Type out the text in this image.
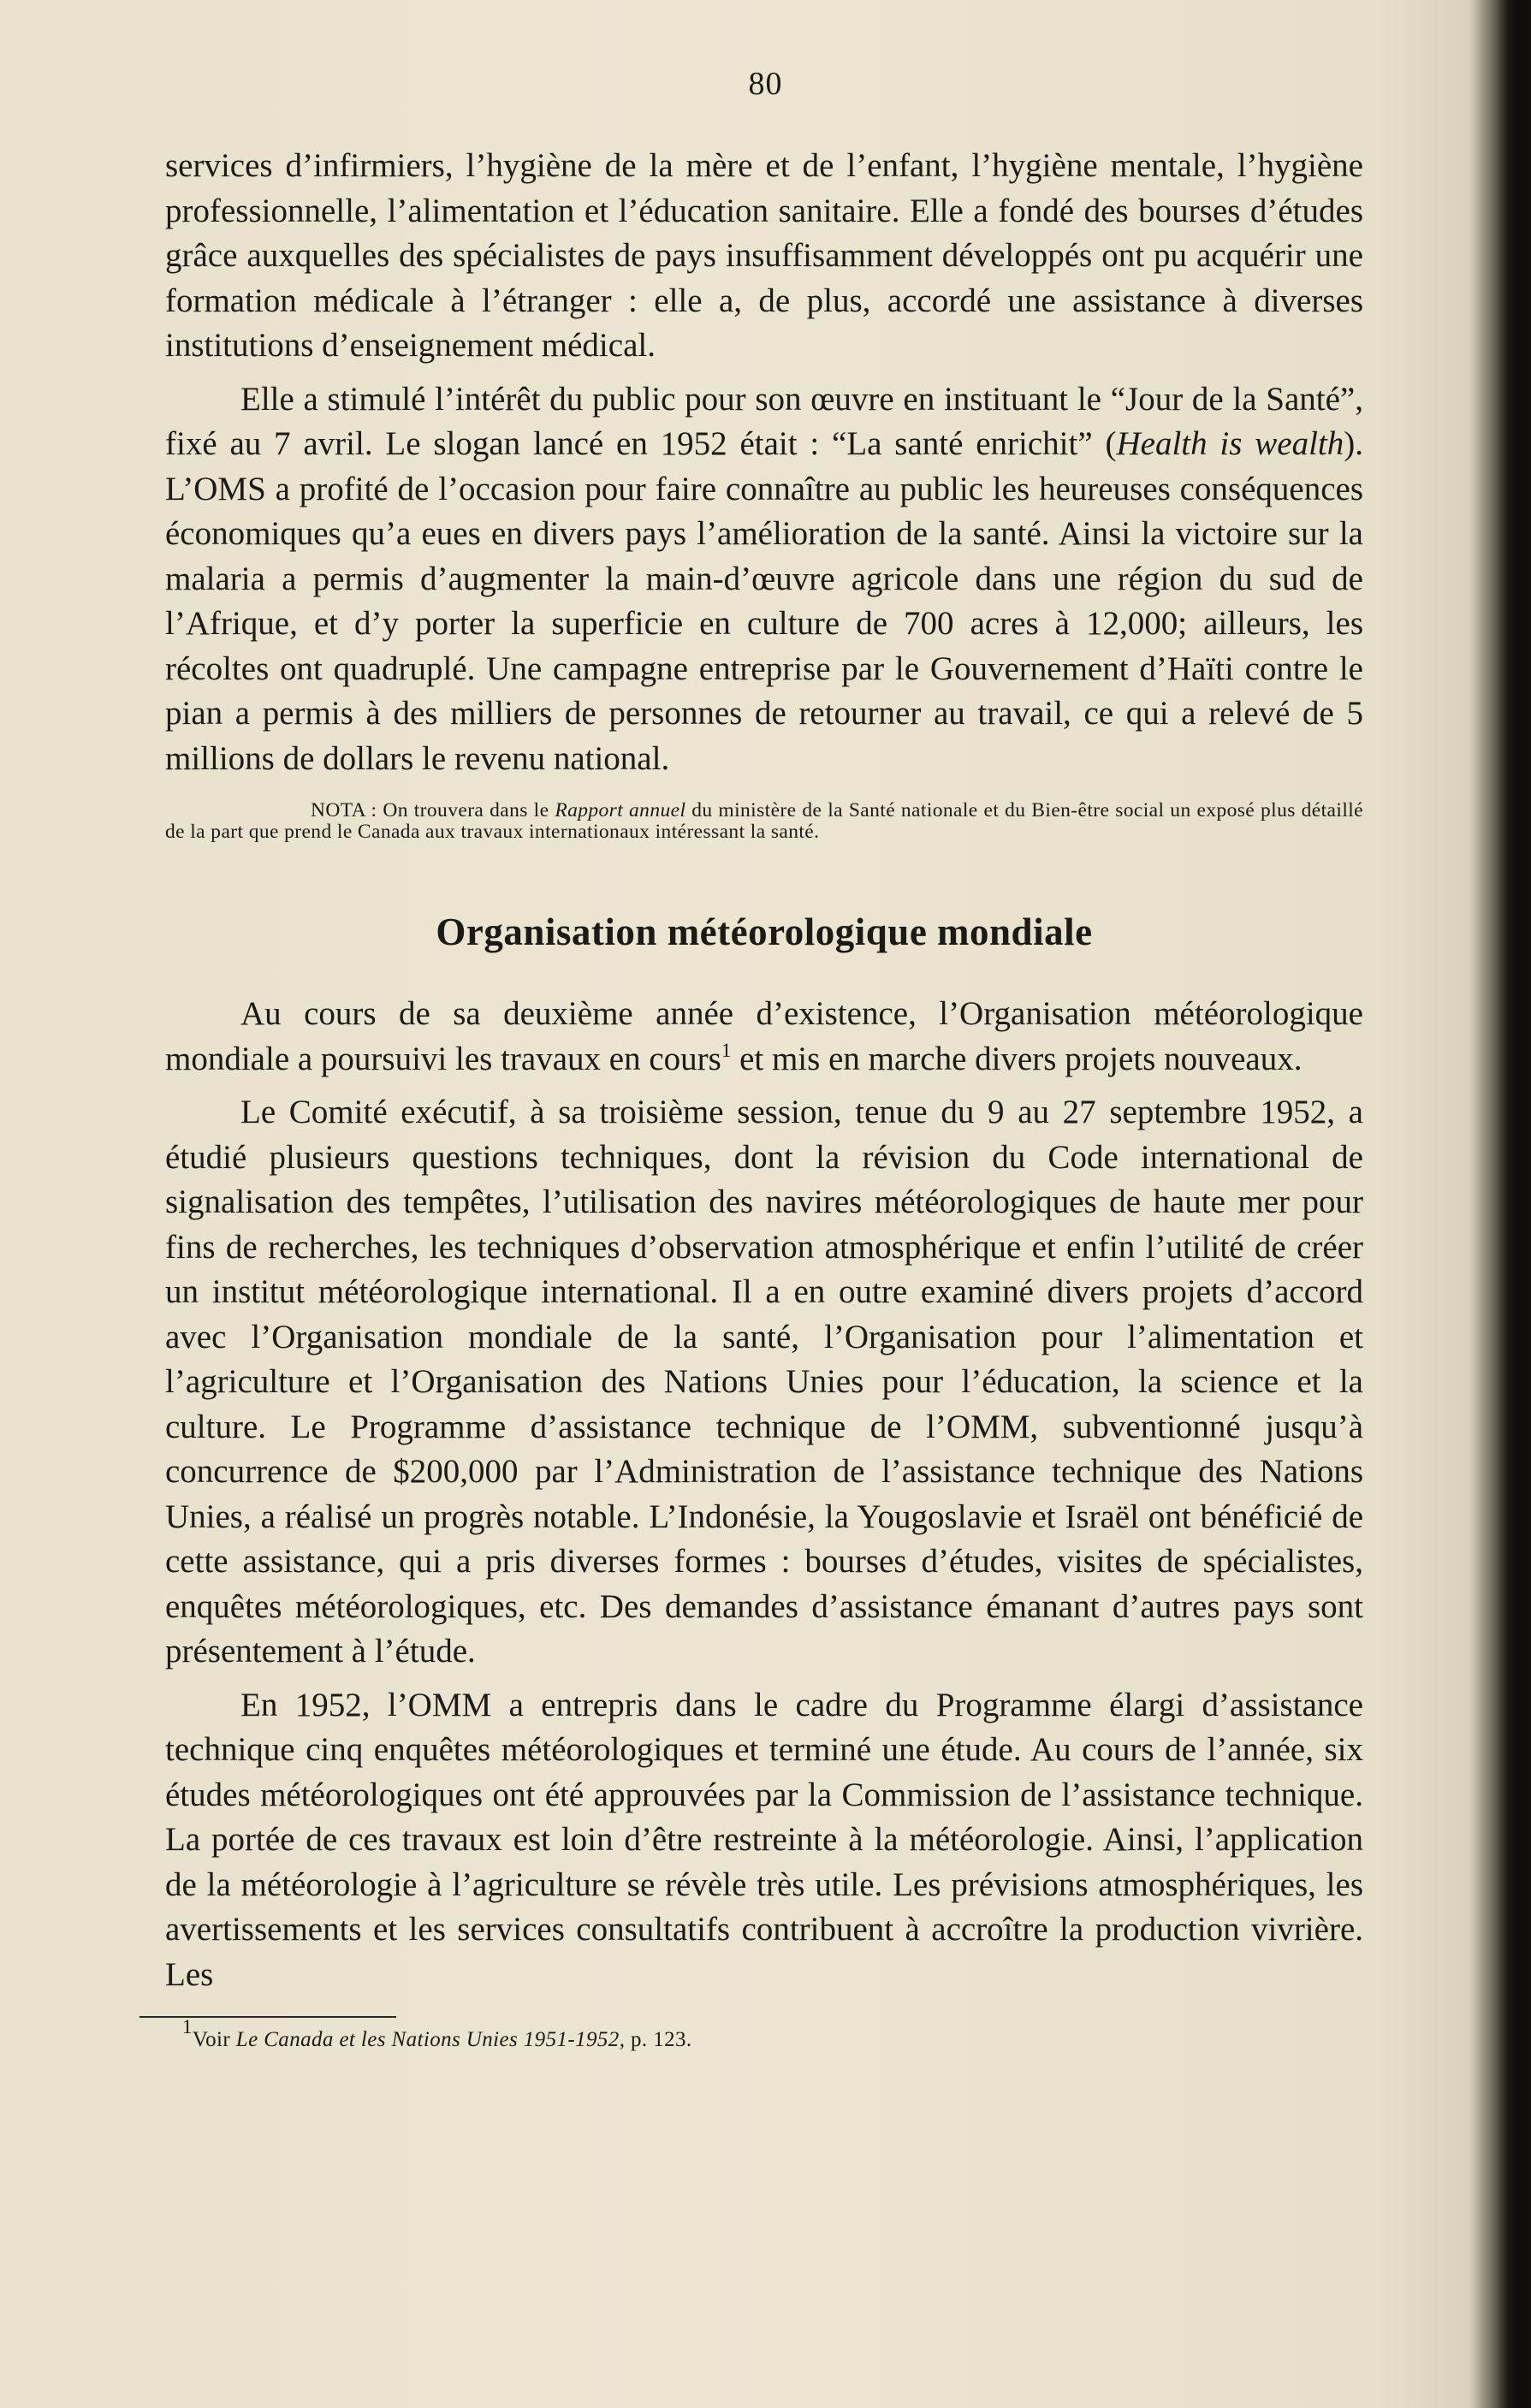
80

services d’infirmiers, l’hygiène de la mère et de l’enfant, l’hygiène mentale, l’hygiène professionnelle, l’alimentation et l’éducation sanitaire. Elle a fondé des bourses d’études grâce auxquelles des spécialistes de pays insuffisamment développés ont pu acquérir une formation médicale à l’étranger : elle a, de plus, accordé une assistance à diverses institutions d’enseignement médical.

Elle a stimulé l’intérêt du public pour son œuvre en instituant le “Jour de la Santé”, fixé au 7 avril. Le slogan lancé en 1952 était : “La santé enrichit” (Health is wealth). L’OMS a profité de l’occasion pour faire connaître au public les heureuses conséquences économiques qu’a eues en divers pays l’amélioration de la santé. Ainsi la victoire sur la malaria a permis d’augmenter la main-d’œuvre agricole dans une région du sud de l’Afrique, et d’y porter la superficie en culture de 700 acres à 12,000; ailleurs, les récoltes ont quadruplé. Une campagne entreprise par le Gouvernement d’Haïti contre le pian a permis à des milliers de personnes de retourner au travail, ce qui a relevé de 5 millions de dollars le revenu national.

NOTA : On trouvera dans le Rapport annuel du ministère de la Santé nationale et du Bien-être social un exposé plus détaillé de la part que prend le Canada aux travaux internationaux intéressant la santé.

Organisation météorologique mondiale

Au cours de sa deuxième année d’existence, l’Organisation météorologique mondiale a poursuivi les travaux en cours$^1$ et mis en marche divers projets nouveaux.

Le Comité exécutif, à sa troisième session, tenue du 9 au 27 septembre 1952, a étudié plusieurs questions techniques, dont la révision du Code international de signalisation des tempêtes, l’utilisation des navires météorologiques de haute mer pour fins de recherches, les techniques d’observation atmosphérique et enfin l’utilité de créer un institut météorologique international. Il a en outre examiné divers projets d’accord avec l’Organisation mondiale de la santé, l’Organisation pour l’alimentation et l’agriculture et l’Organisation des Nations Unies pour l’éducation, la science et la culture. Le Programme d’assistance technique de l’OMM, subventionné jusqu’à concurrence de $200,000 par l’Administration de l’assistance technique des Nations Unies, a réalisé un progrès notable. L’Indonésie, la Yougoslavie et Israël ont bénéficié de cette assistance, qui a pris diverses formes : bourses d’études, visites de spécialistes, enquêtes météorologiques, etc. Des demandes d’assistance émanant d’autres pays sont présentement à l’étude.

En 1952, l’OMM a entrepris dans le cadre du Programme élargi d’assistance technique cinq enquêtes météorologiques et terminé une étude. Au cours de l’année, six études météorologiques ont été approuvées par la Commission de l’assistance technique. La portée de ces travaux est loin d’être restreinte à la météorologie. Ainsi, l’application de la météorologie à l’agriculture se révèle très utile. Les prévisions atmosphériques, les avertissements et les services consultatifs contribuent à accroître la production vivrière. Les

$^1$Voir Le Canada et les Nations Unies 1951-1952, p. 123.
